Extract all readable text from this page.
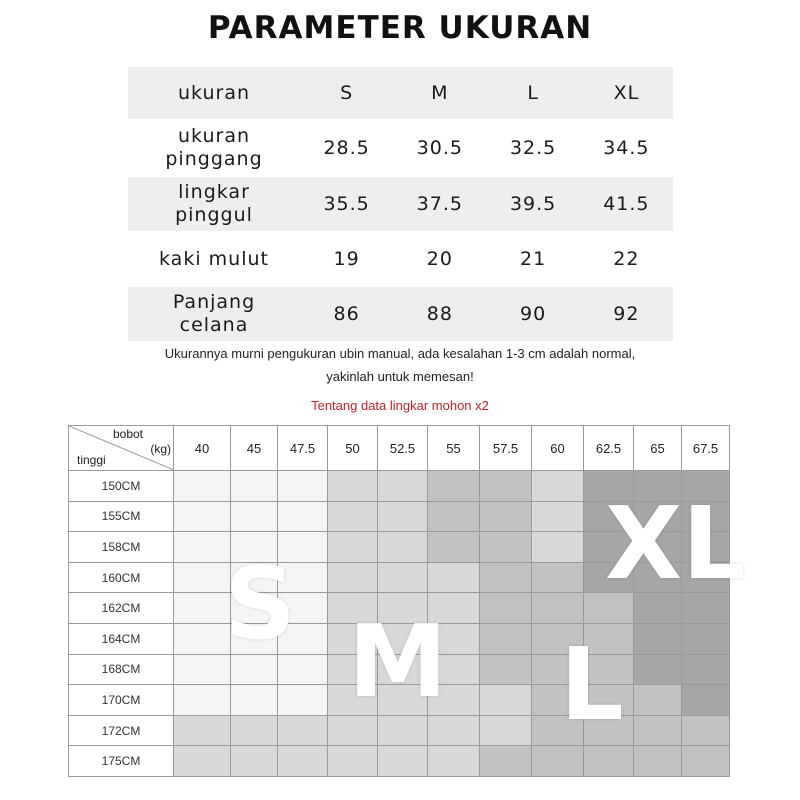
PARAMETER UKURAN
ukuran	S	M	L	XL
ukuran
pinggang	28.5	30.5	32.5	34.5
lingkar
pinggul	35.5	37.5	39.5	41.5
kaki mulut	19	20	21	22
Panjang
celana	86	88	90	92
Ukurannya murni pengukuran ubin manual, ada kesalahan 1-3 cm adalah normal,
yakinlah untuk memesan!
Tentang data lingkar mohon x2
bobot
(kg)
tinggi	40	45	47.5	50	52.5	55	57.5	60	62.5	65	67.5
150CM											
155CM											
158CM											
160CM											
162CM											
164CM											
168CM											
170CM											
172CM											
175CM											
S M L
XL
